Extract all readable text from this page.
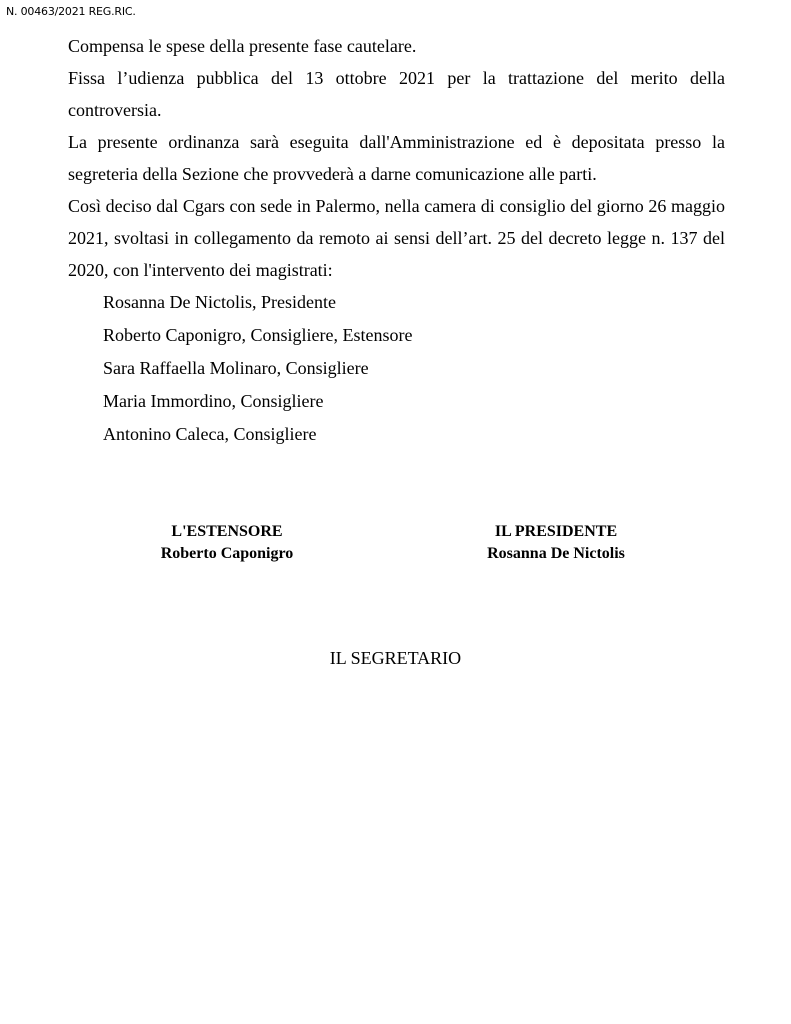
N. 00463/2021 REG.RIC.

Compensa le spese della presente fase cautelare.

Fissa l’udienza pubblica del 13 ottobre 2021 per la trattazione del merito della controversia.

La presente ordinanza sarà eseguita dall'Amministrazione ed è depositata presso la segreteria della Sezione che provvederà a darne comunicazione alle parti.

Così deciso dal Cgars con sede in Palermo, nella camera di consiglio del giorno 26 maggio 2021, svoltasi in collegamento da remoto ai sensi dell’art. 25 del decreto legge n. 137 del 2020, con l'intervento dei magistrati:

Rosanna De Nictolis, Presidente
Roberto Caponigro, Consigliere, Estensore
Sara Raffaella Molinaro, Consigliere
Maria Immordino, Consigliere
Antonino Caleca, Consigliere
L'ESTENSORE
Roberto Caponigro
IL PRESIDENTE
Rosanna De Nictolis
IL SEGRETARIO
